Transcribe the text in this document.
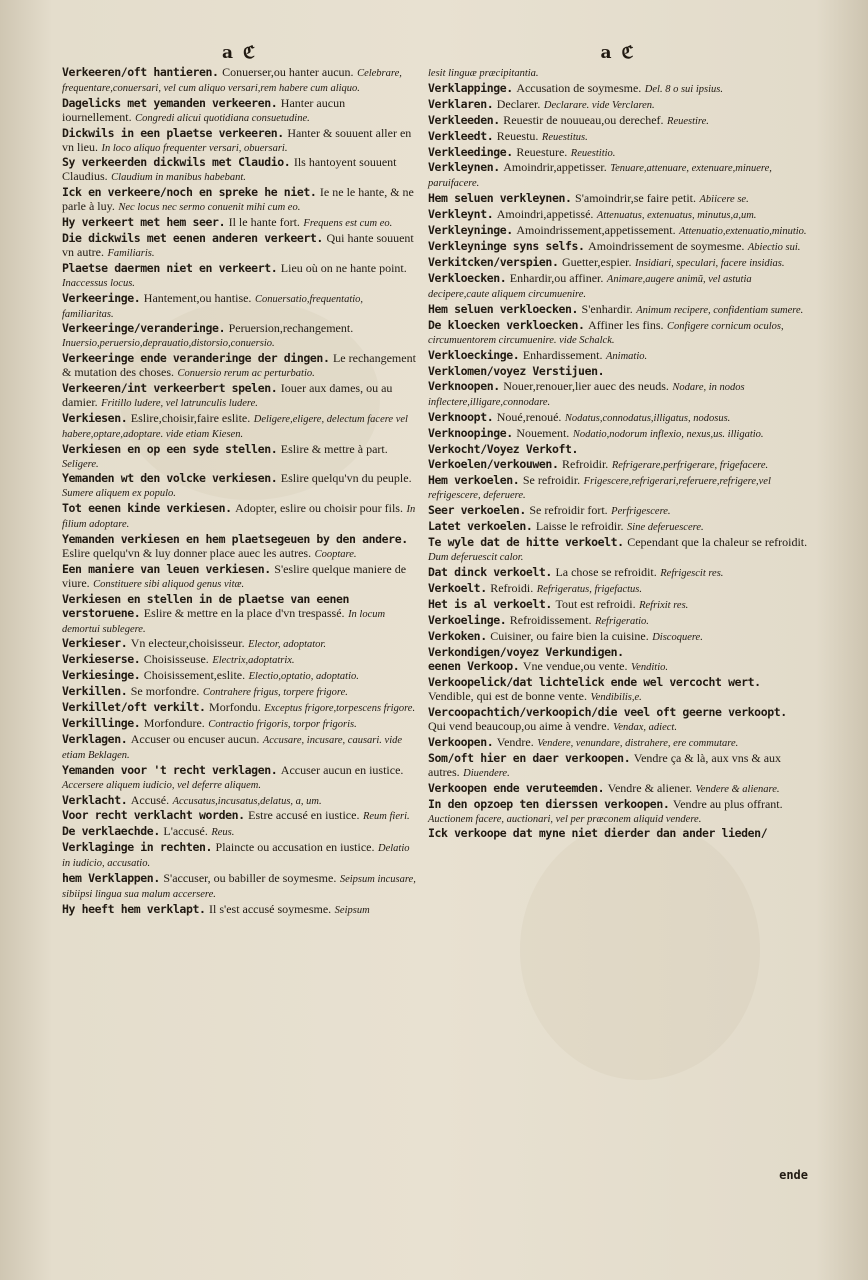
a ℭ
Verkeeren/oft hantieren. Conuerser,ou hanter aucun. Celebrare, frequentare,conuersari, vel cum aliquo versari,rem habere cum aliquo.
Dagelicks met yemanden verkeeren. Hanter aucun iournellement. Congredi alicui quotidiana consuetudine.
Dickwils in een plaetse verkeeren. Hanter & souuent aller en vn lieu. In loco aliquo frequenter versari, obuersari.
Sy verkeerden dickwils met Claudio. Ils hantoyent souuent Claudius. Claudium in manibus habebant.
Ick en verkeere/noch en spreke he niet. Ie ne le hante, & ne parle à luy. Nec locus nec sermo conuenit mihi cum eo.
Hy verkeert met hem seer. Il le hante fort. Frequens est cum eo.
Die dickwils met eenen anderen verkeert. Qui hante souuent vn autre. Familiaris.
Plaetse daermen niet en verkeert. Lieu où on ne hante point. Inaccessus locus.
Verkeeringe. Hantement,ou hantise. Conuersatio,frequentatio, familiaritas.
Verkeeringe/veranderinge. Peruersion,rechangement. Inuersio,peruersio,deprauatio,distorsio,conuersio.
Verkeeringe ende veranderinge der dingen. Le rechangement & mutation des choses. Conuersio rerum ac perturbatio.
Verkeeren/int verkeerbert spelen. Iouer aux dames, ou au damier. Fritillo ludere, vel latrunculis ludere.
Verkiesen. Eslire,choisir,faire eslite. Deligere,eligere, delectum facere vel habere,optare,adoptare. vide etiam Kiesen.
Verkiesen en op een syde stellen. Eslire & mettre à part. Seligere.
Yemanden wt den volcke verkiesen. Eslire quelqu'vn du peuple. Sumere aliquem ex populo.
Tot eenen kinde verkiesen. Adopter, eslire ou choisir pour fils. In filium adoptare.
Yemanden verkiesen en hem plaetsegeuen by den andere. Eslire quelqu'vn & luy donner place auec les autres. Cooptare.
Een maniere van leuen verkiesen. S'eslire quelque maniere de viure. Constituere sibi aliquod genus vitæ.
Verkiesen en stellen in de plaetse van eenen verstoruene. Eslire & mettre en la place d'vn trespassé. In locum demortui sublegere.
Verkieser. Vn electeur,choisisseur. Elector, adoptator.
Verkieserse. Choisisseuse. Electrix,adoptatrix.
Verkiesinge. Choisissement,eslite. Electio,optatio, adoptatio.
Verkillen. Se morfondre. Contrahere frigus, torpere frigore.
Verkillet/oft verkilt. Morfondu. Exceptus frigore,torpescens frigore.
Verkillinge. Morfondure. Contractio frigoris, torpor frigoris.
Verklagen. Accuser ou encuser aucun. Accusare, incusare, causari. vide etiam Beklagen.
Yemanden voor 't recht verklagen. Accuser aucun en iustice. Accersere aliquem iudicio, vel deferre aliquem.
Verklacht. Accusé. Accusatus,incusatus,delatus, a, um.
Voor recht verklacht worden. Estre accusé en iustice. Reum fieri.
De verklaechde. L'accusé. Reus.
Verklaginge in rechten. Plaincte ou accusation en iustice. Delatio in iudicio, accusatio.
hem Verklappen. S'accuser, ou babiller de soymesme. Seipsum incusare, sibiipsi lingua sua malum accersere.
Hy heeft hem verklapt. Il s'est accusé soymesme. Seipsum
a ℭ
lesit linguæ præcipitantia.
Verklappinge. Accusation de soymesme. Del. 8 o sui ipsius.
Verklaren. Declarer. Declarare. vide Verclaren.
Verkleeden. Reuestir de nouueau,ou derechef. Reuestire.
Verkleedt. Reuestu. Reuestitus.
Verkleedinge. Reuesture. Reuestitio.
Verkleynen. Amoindrir,appetisser. Tenuare,attenuare, extenuare,minuere, paruifacere.
Hem seluen verkleynen. S'amoindrir,se faire petit. Abiicere se.
Verkleynt. Amoindri,appetissé. Attenuatus, extenuatus, minutus,a,um.
Verkleyninge. Amoindrissement,appetissement. Attenuatio,extenuatio,minutio.
Verkleyninge syns selfs. Amoindrissement de soymesme. Abiectio sui.
Verkitcken/verspien. Guetter,espier. Insidiari, speculari, facere insidias.
Verkloecken. Enhardir,ou affiner. Animare,augere animũ, vel astutia decipere,caute aliquem circumuenire.
Hem seluen verkloecken. S'enhardir. Animum recipere, confidentiam sumere.
De kloecken verkloecken. Affiner les fins. Configere cornicum oculos, circumuentorem circumuenire. vide Schalck.
Verkloeckinge. Enhardissement. Animatio.
Verklomen/voyez Verstijuen.
Verknoopen. Nouer,renouer,lier auec des neuds. Nodare, in nodos inflectere,illigare,connodare.
Verknoopt. Noué,renoué. Nodatus,connodatus,illigatus, nodosus.
Verknoopinge. Nouement. Nodatio,nodorum inflexio, nexus,us. illigatio.
Verkocht/Voyez Verkoft.
Verkoelen/verkouwen. Refroidir. Refrigerare,perfrigerare, frigefacere.
Hem verkoelen. Se refroidir. Frigescere,refrigerari,referuere,refrigere,vel refrigescere, deferuere.
Seer verkoelen. Se refroidir fort. Perfrigescere.
Latet verkoelen. Laisse le refroidir. Sine deferuescere.
Te wyle dat de hitte verkoelt. Cependant que la chaleur se refroidit. Dum deferuescit calor.
Dat dinck verkoelt. La chose se refroidit. Refrigescit res.
Verkoelt. Refroidi. Refrigeratus, frigefactus.
Het is al verkoelt. Tout est refroidi. Refrixit res.
Verkoelinge. Refroidissement. Refrigeratio.
Verkoken. Cuisiner, ou faire bien la cuisine. Discoquere.
Verkondigen/voyez Verkundigen.
eenen Verkoop. Vne vendue,ou vente. Venditio.
Verkoopelick/dat lichtelick ende wel vercocht wert. Vendible, qui est de bonne vente. Vendibilis,e.
Vercoopachtich/verkoopich/die veel oft geerne verkoopt. Qui vend beaucoup,ou aime à vendre. Vendax, adiect.
Verkoopen. Vendre. Vendere, venundare, distrahere, ere commutare.
Som/oft hier en daer verkoopen. Vendre ça & là, aux vns & aux autres. Diuendere.
Verkoopen ende veruteemden. Vendre & aliener. Vendere & alienare.
In den opzoep ten dierssen verkoopen. Vendre au plus offrant. Auctionem facere, auctionari, vel per præconem aliquid vendere.
Ick verkoope dat myne niet dierder dan ander lieden/
ende
